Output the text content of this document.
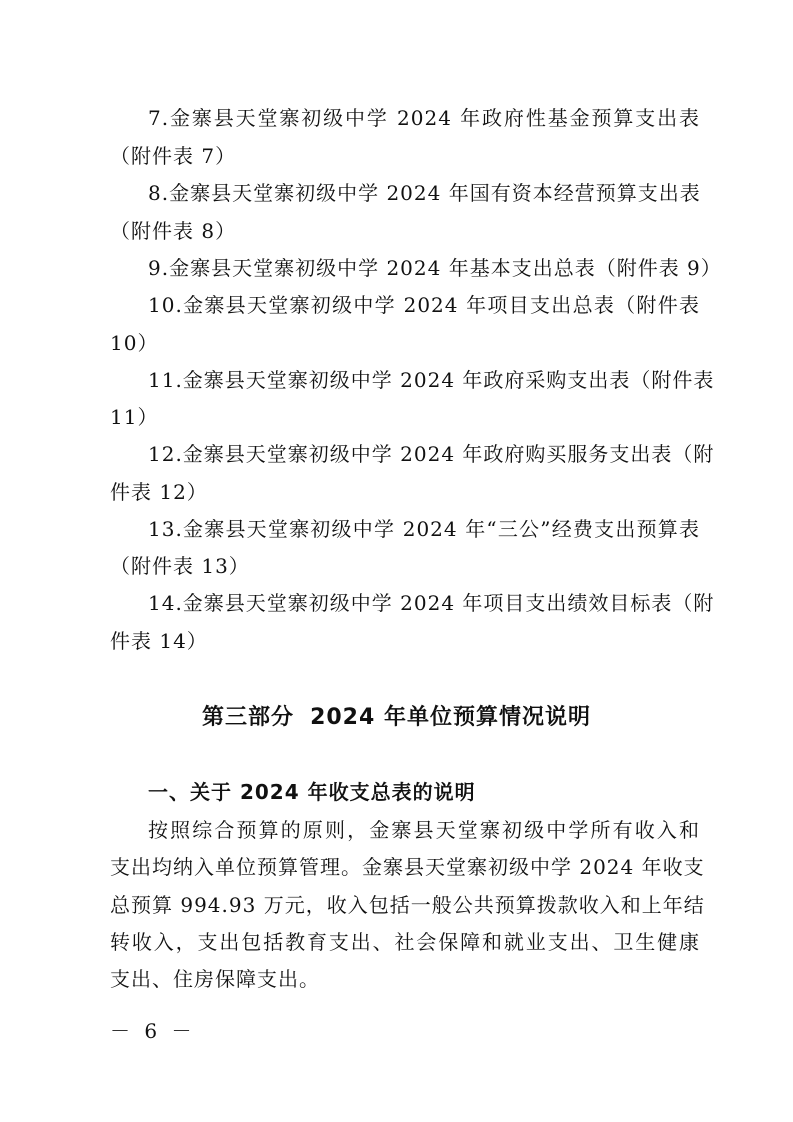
7.金寨县天堂寨初级中学 2024 年政府性基金预算支出表
（附件表 7）
8.金寨县天堂寨初级中学 2024 年国有资本经营预算支出表
（附件表 8）
9.金寨县天堂寨初级中学 2024 年基本支出总表（附件表 9）
10.金寨县天堂寨初级中学 2024 年项目支出总表（附件表
10）
11.金寨县天堂寨初级中学 2024 年政府采购支出表（附件表
11）
12.金寨县天堂寨初级中学 2024 年政府购买服务支出表（附
件表 12）
13.金寨县天堂寨初级中学 2024 年“三公”经费支出预算表
（附件表 13）
14.金寨县天堂寨初级中学 2024 年项目支出绩效目标表（附
件表 14）
第三部分 2024 年单位预算情况说明
一、关于 2024 年收支总表的说明
按照综合预算的原则，金寨县天堂寨初级中学所有收入和
支出均纳入单位预算管理。金寨县天堂寨初级中学 2024 年收支
总预算 994.93 万元，收入包括一般公共预算拨款收入和上年结
转收入，支出包括教育支出、社会保障和就业支出、卫生健康
支出、住房保障支出。
－ 6 －
